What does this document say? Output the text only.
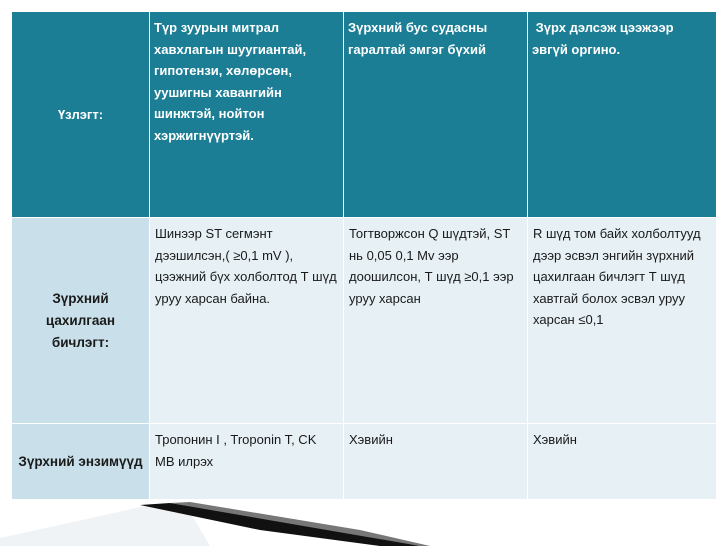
Үзлэгт:
Түр зуурын митрал хавхлагын шуугиантай, гипотензи, хөлөрсөн, уушигны хавангийн шинжтэй, нойтон хэржигнүүртэй.
Зүрхний бус судасны гаралтай эмгэг бүхий
Зүрх дэлсэж цээжээр эвгүй оргино.
Зүрхний цахилгаан бичлэгт:
Шинээр ST сегмэнт дээшилсэн,( ≥0,1 mV ), цээжний бүх холболтод Т шүд уруу харсан байна.
Тогтворжсон Q шүдтэй, ST нь 0,05 0,1 Mv ээр доошилсон, Т шүд ≥0,1 ээр уруу харсан
R шүд том байх холболтууд дээр эсвэл энгийн зүрхний цахилгаан бичлэгт Т шүд хавтгай болох эсвэл уруу харсан ≤0,1
Зүрхний энзимүүд
Тропонин I , Troponin T, CK MB илрэх
Хэвийн	Хэвийн
